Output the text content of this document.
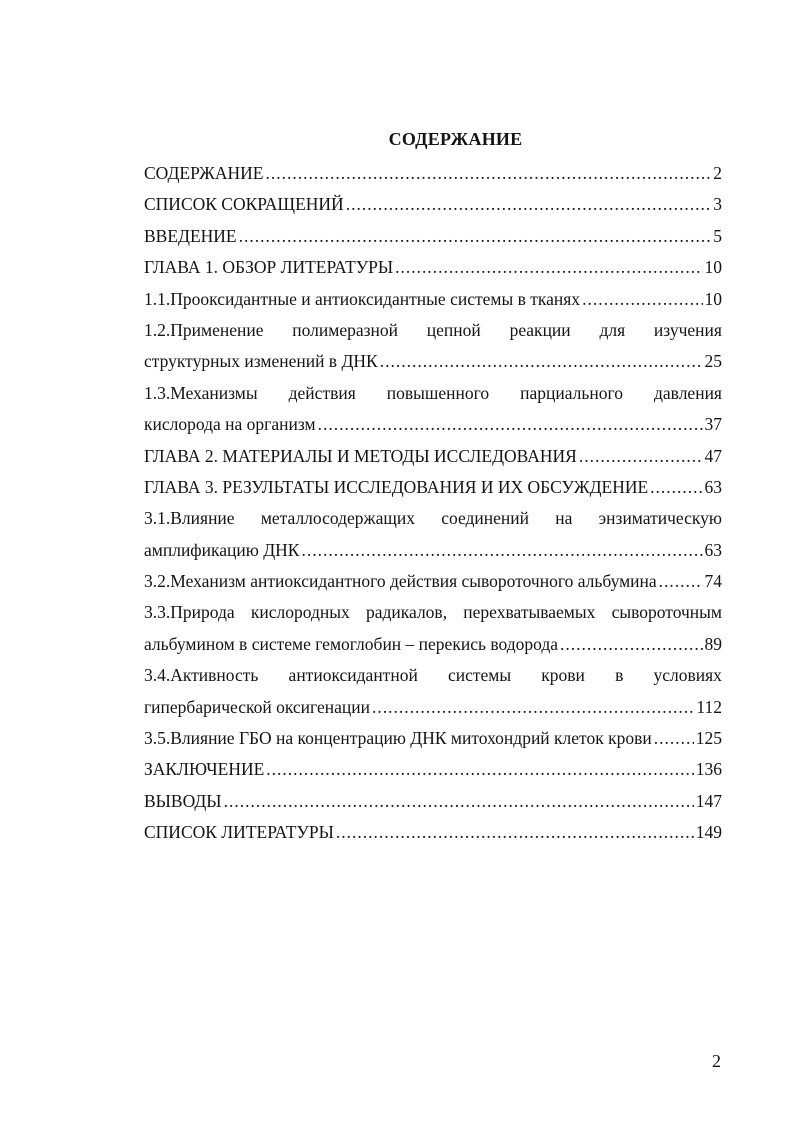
СОДЕРЖАНИЕ
СОДЕРЖАНИЕ .....	2
СПИСОК СОКРАЩЕНИЙ .....	3
ВВЕДЕНИЕ .....	5
ГЛАВА 1. ОБЗОР ЛИТЕРАТУРЫ .....	10
1.1.Прооксидантные и антиоксидантные системы в тканях .....	10
1.2.Применение полимеразной цепной реакции для изучения
структурных изменений в ДНК .....	25
1.3.Механизмы действия повышенного парциального давления
кислорода на организм .....	37
ГЛАВА 2. МАТЕРИАЛЫ И МЕТОДЫ ИССЛЕДОВАНИЯ .....	47
ГЛАВА 3. РЕЗУЛЬТАТЫ ИССЛЕДОВАНИЯ И ИХ ОБСУЖДЕНИЕ .....	63
3.1.Влияние металлосодержащих соединений на энзиматическую
амплификацию ДНК .....	63
3.2.Механизм антиоксидантного действия сывороточного альбумина .....	74
3.3.Природа кислородных радикалов, перехватываемых сывороточным
альбумином в системе гемоглобин – перекись водорода .....	89
3.4.Активность антиоксидантной системы крови в условиях
гипербарической оксигенации .....	112
3.5.Влияние ГБО на концентрацию ДНК митохондрий клеток крови .....	125
ЗАКЛЮЧЕНИЕ .....	136
ВЫВОДЫ .....	147
СПИСОК ЛИТЕРАТУРЫ .....	149
2
